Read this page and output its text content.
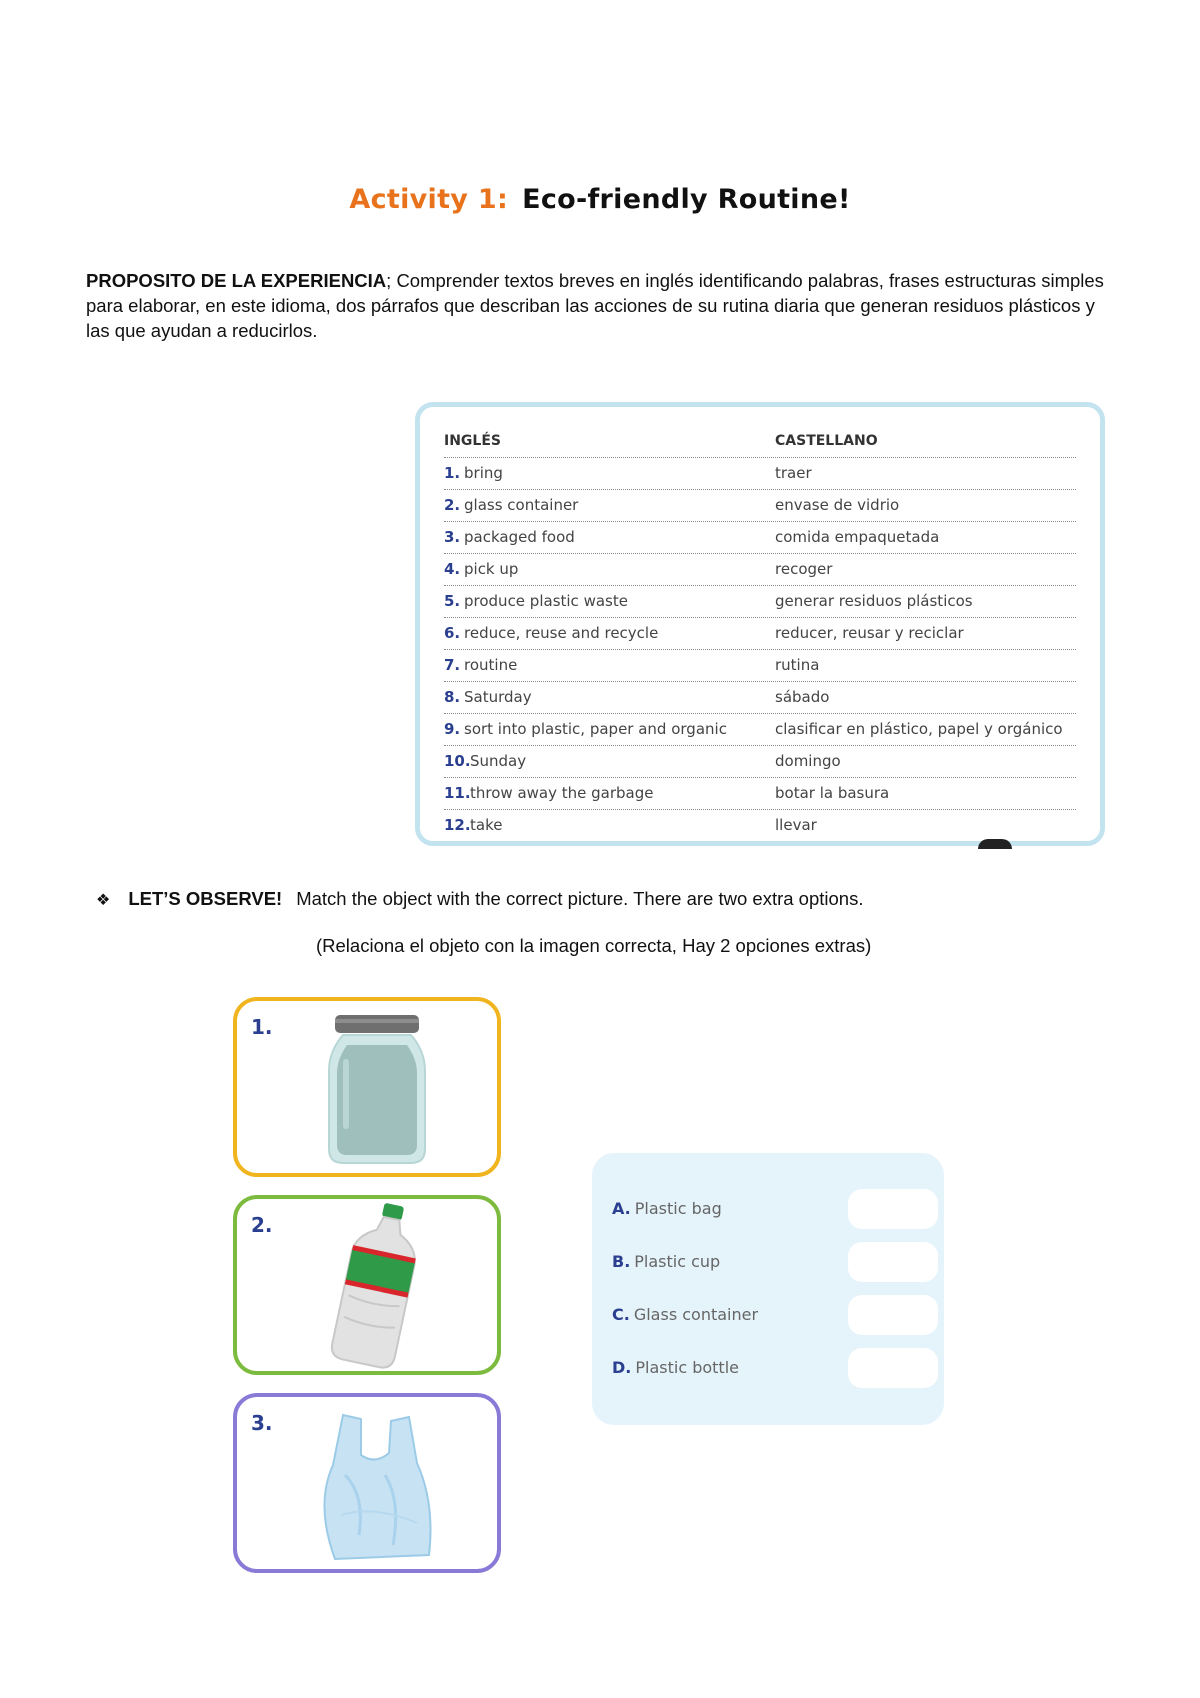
Activity 1: Eco-friendly Routine!
PROPOSITO DE LA EXPERIENCIA; Comprender textos breves en inglés identificando palabras, frases estructuras simples para elaborar, en este idioma, dos párrafos que describan las acciones de su rutina diaria que generan residuos plásticos y las que ayudan a reducirlos.
INGLÉS	CASTELLANO
1. bring	traer
2. glass container	envase de vidrio
3. packaged food	comida empaquetada
4. pick up	recoger
5. produce plastic waste	generar residuos plásticos
6. reduce, reuse and recycle	reducer, reusar y reciclar
7. routine	rutina
8. Saturday	sábado
9. sort into plastic, paper and organic	clasificar en plástico, papel y orgánico
10. Sunday	domingo
11. throw away the garbage	botar la basura
12. take	llevar
❖ LET’S OBSERVE! Match the object with the correct picture. There are two extra options.
(Relaciona el objeto con la imagen correcta, Hay 2 opciones extras)
1.
2.
3.
A. Plastic bag
B. Plastic cup
C. Glass container
D. Plastic bottle
